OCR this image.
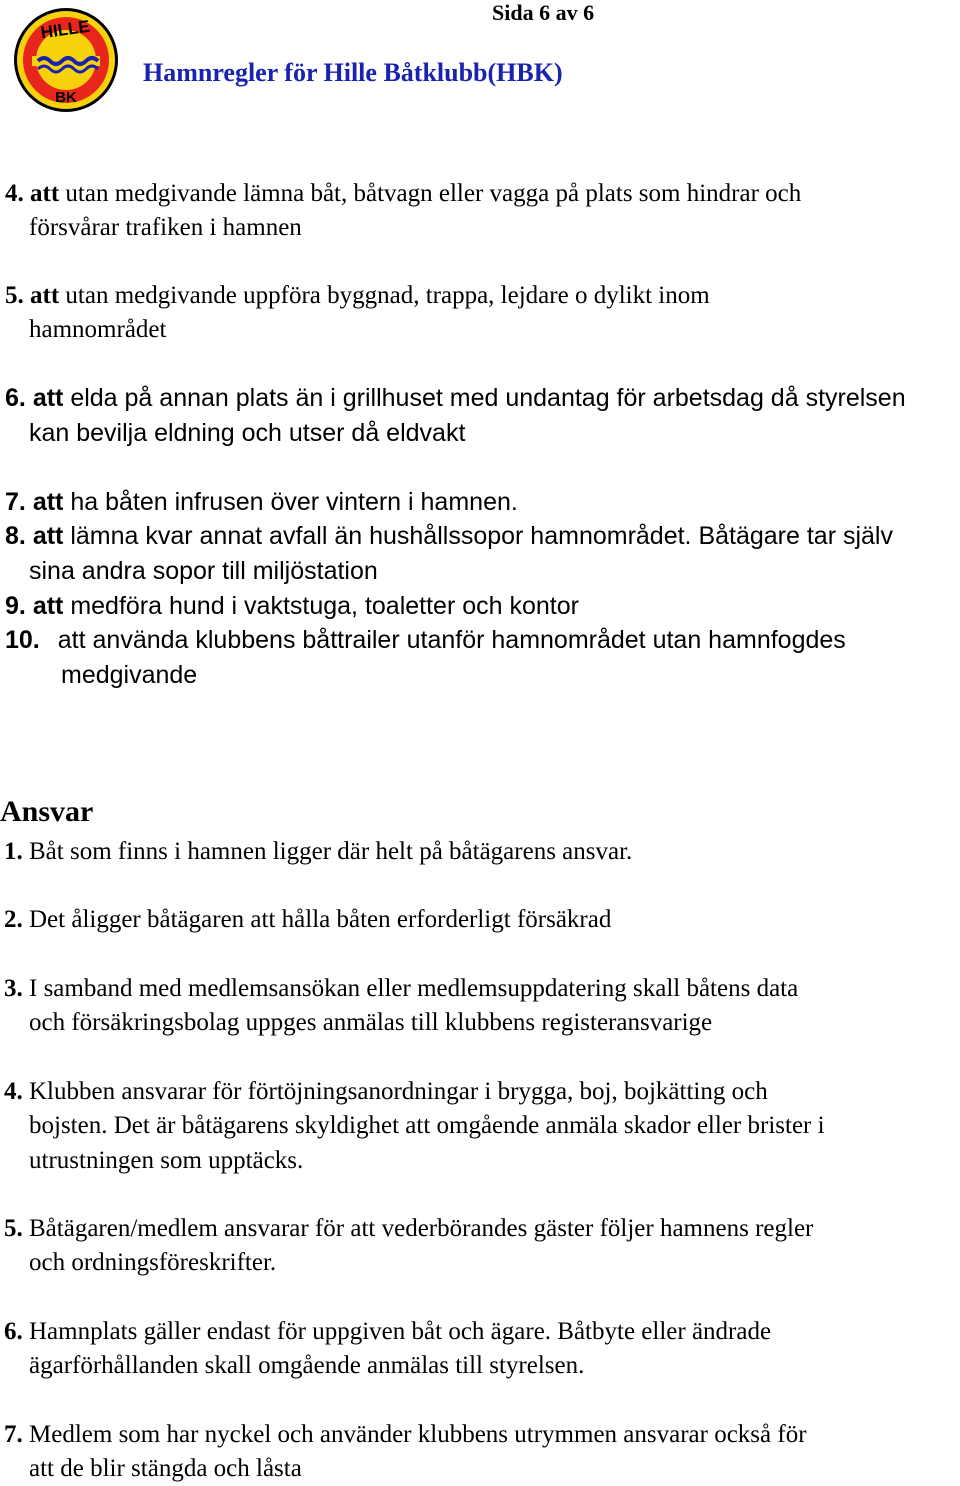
HILLE
BK
Sida 6 av 6
Hamnregler för Hille Båtklubb(HBK)
4. att utan medgivande lämna båt, båtvagn eller vagga på plats som hindrar och
försvårar trafiken i hamnen
5. att utan medgivande uppföra byggnad, trappa, lejdare o dylikt inom
hamnområdet
6. att elda på annan plats än i grillhuset med undantag för arbetsdag då styrelsen
kan bevilja eldning och utser då eldvakt
7. att ha båten infrusen över vintern i hamnen.
8. att lämna kvar annat avfall än hushållssopor hamnområdet. Båtägare tar själv
sina andra sopor till miljöstation
9. att medföra hund i vaktstuga, toaletter och kontor
10. att använda klubbens båttrailer utanför hamnområdet utan hamnfogdes
medgivande
Ansvar
1. Båt som finns i hamnen ligger där helt på båtägarens ansvar.
2. Det åligger båtägaren att hålla båten erforderligt försäkrad
3. I samband med medlemsansökan eller medlemsuppdatering skall båtens data
och försäkringsbolag uppges anmälas till klubbens registeransvarige
4. Klubben ansvarar för förtöjningsanordningar i brygga, boj, bojkätting och
bojsten. Det är båtägarens skyldighet att omgående anmäla skador eller brister i
utrustningen som upptäcks.
5. Båtägaren/medlem ansvarar för att vederbörandes gäster följer hamnens regler
och ordningsföreskrifter.
6. Hamnplats gäller endast för uppgiven båt och ägare. Båtbyte eller ändrade
ägarförhållanden skall omgående anmälas till styrelsen.
7. Medlem som har nyckel och använder klubbens utrymmen ansvarar också för
att de blir stängda och låsta
